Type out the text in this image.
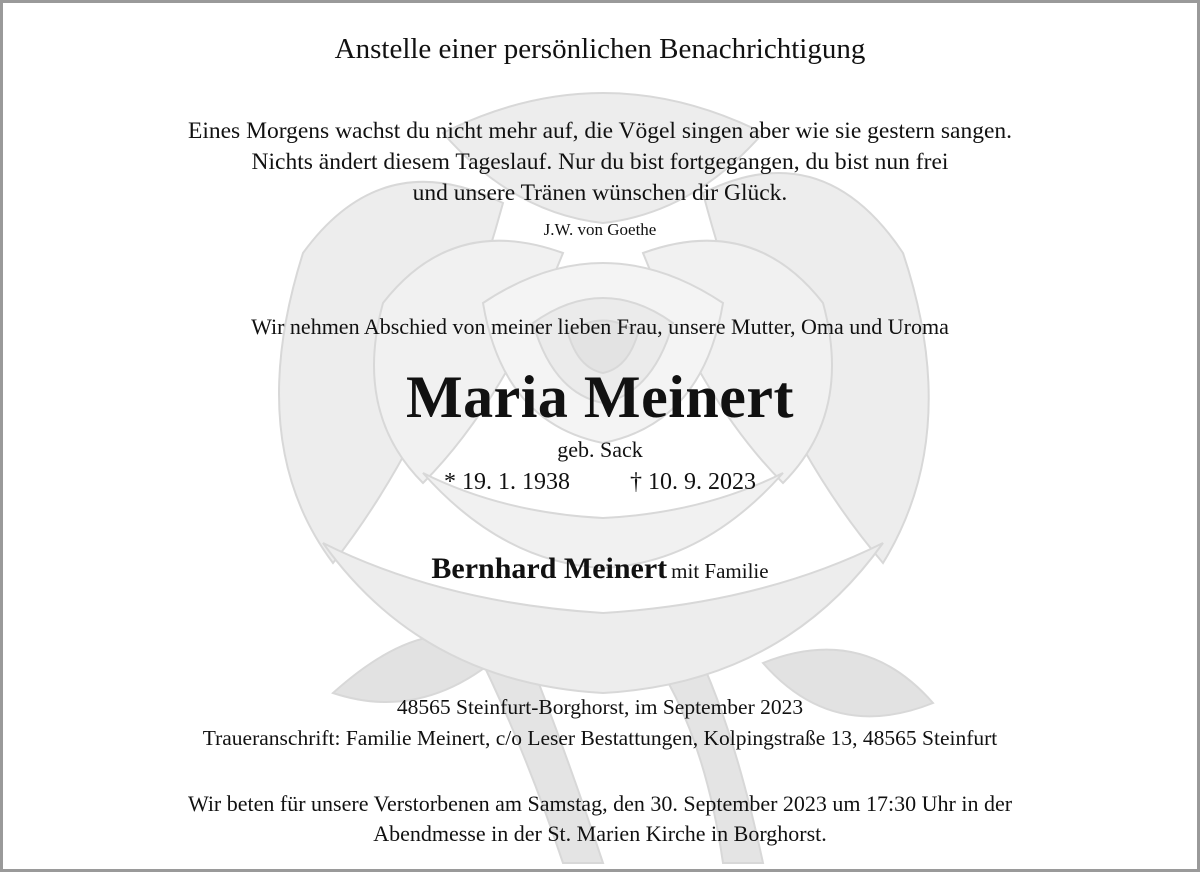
Anstelle einer persönlichen Benachrichtigung
Eines Morgens wachst du nicht mehr auf, die Vögel singen aber wie sie gestern sangen.
Nichts ändert diesem Tageslauf. Nur du bist fortgegangen, du bist nun frei
und unsere Tränen wünschen dir Glück.
J.W. von Goethe
Wir nehmen Abschied von meiner lieben Frau, unsere Mutter, Oma und Uroma
Maria Meinert
geb. Sack
* 19. 1. 1938	† 10. 9. 2023
Bernhard Meinert mit Familie
48565 Steinfurt-Borghorst, im September 2023
Traueranschrift: Familie Meinert, c/o Leser Bestattungen, Kolpingstraße 13, 48565 Steinfurt
Wir beten für unsere Verstorbenen am Samstag, den 30. September 2023 um 17:30 Uhr in der
Abendmesse in der St. Marien Kirche in Borghorst.
